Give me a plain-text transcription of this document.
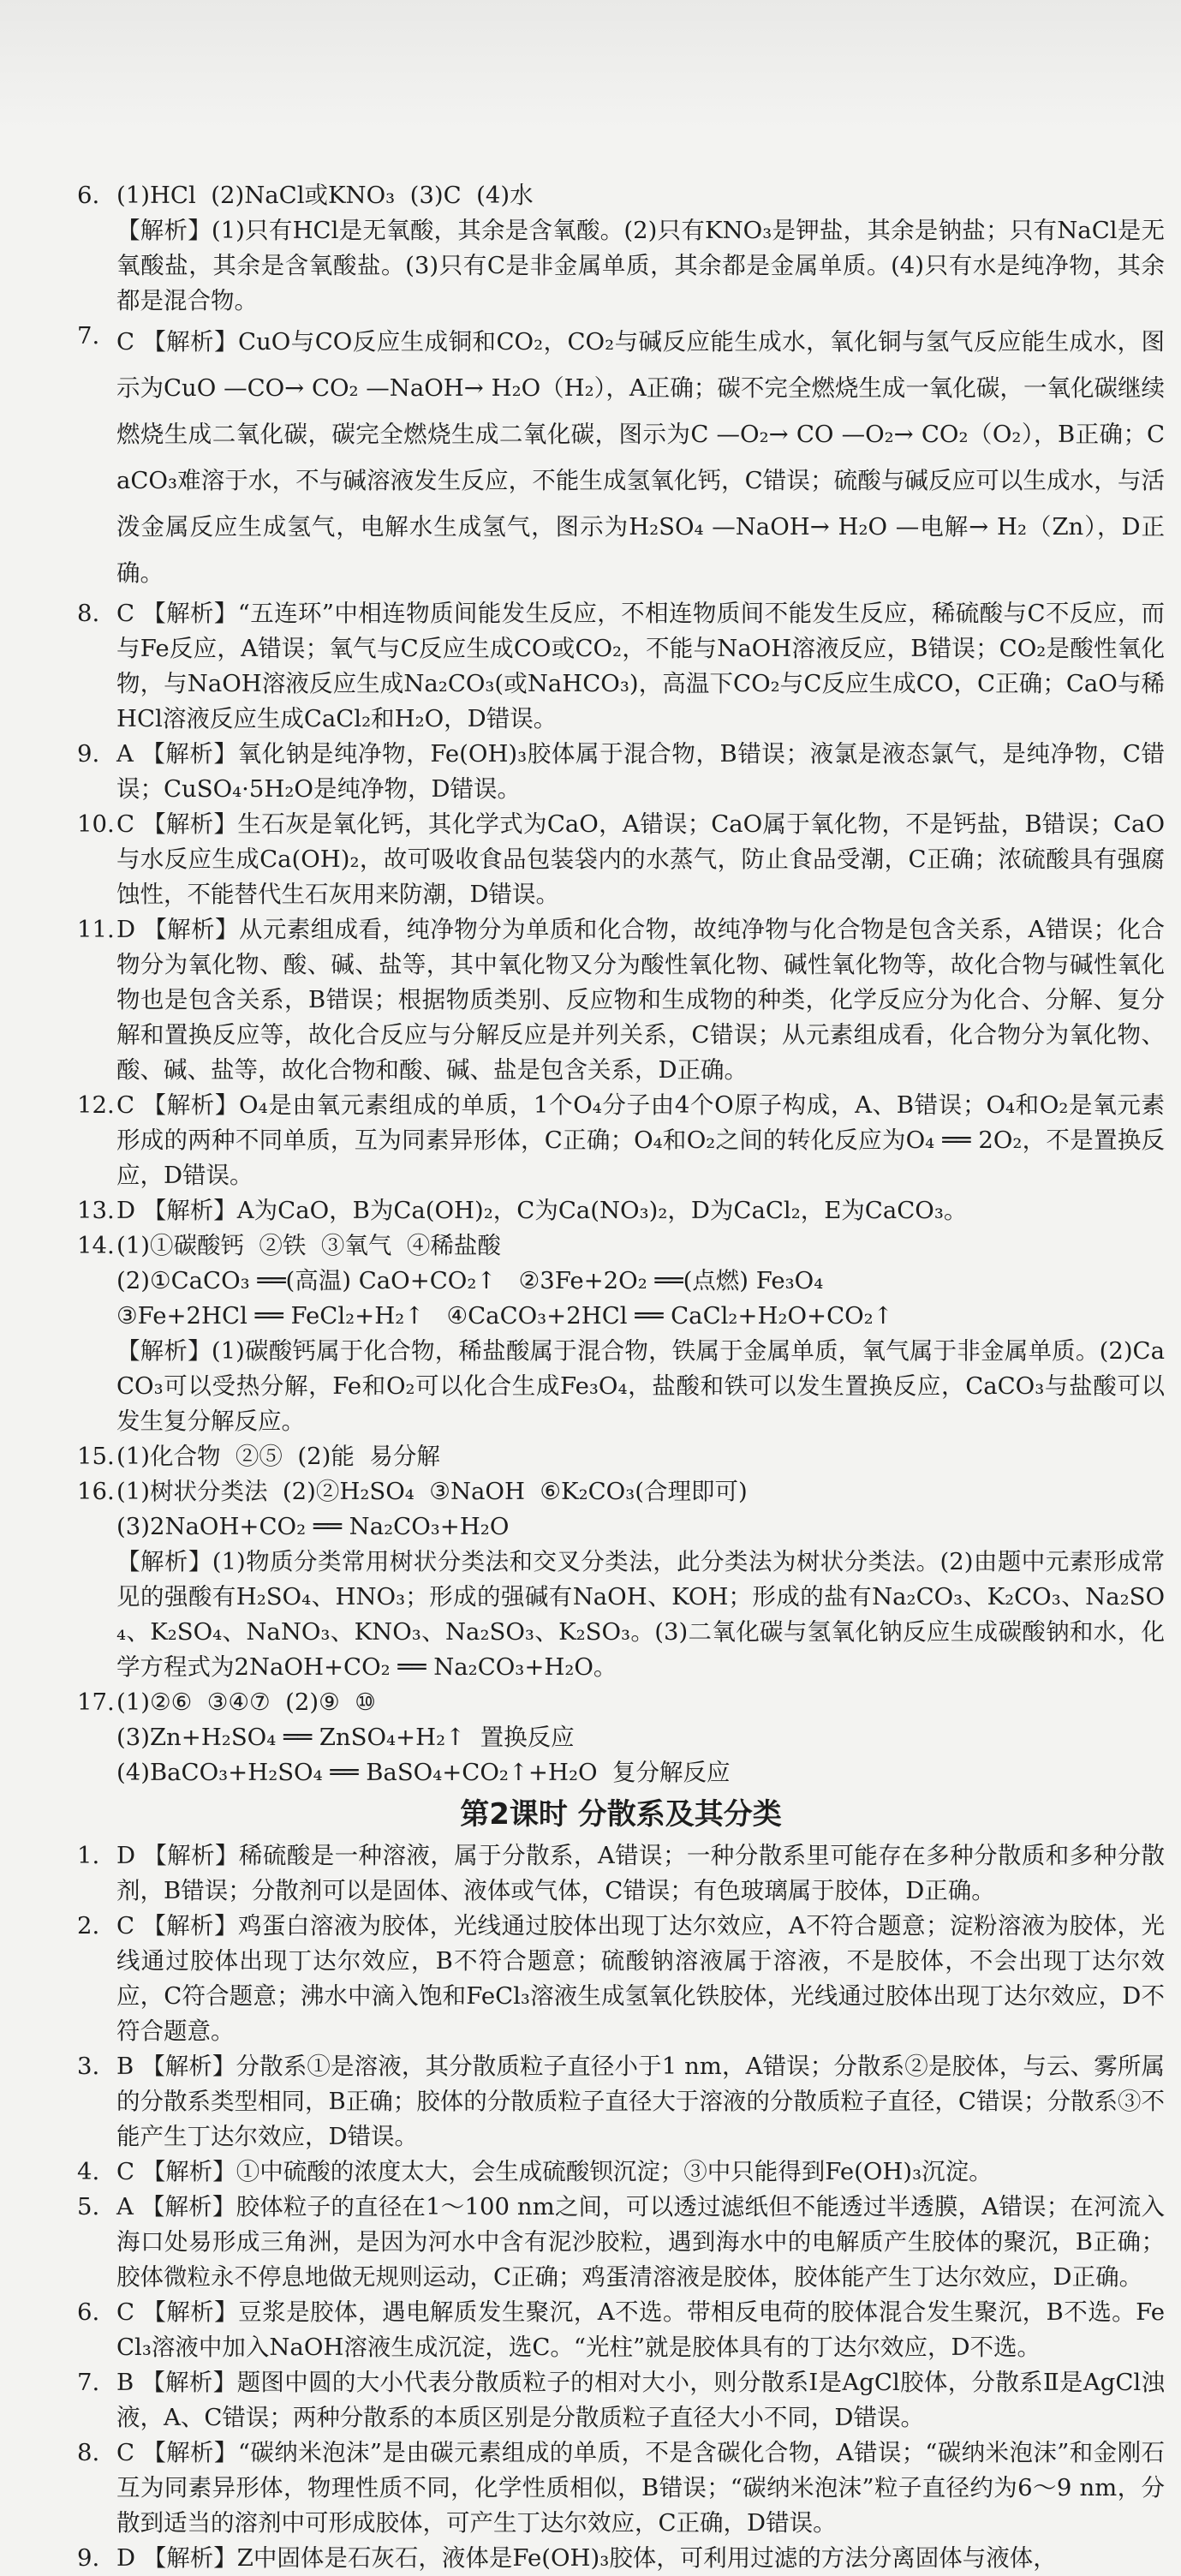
6. (1)HCl  (2)NaCl或KNO₃  (3)C  (4)水
【解析】(1)只有HCl是无氧酸，其余是含氧酸。(2)只有KNO₃是钾盐，其余是钠盐；只有NaCl是无氧酸盐，其余是含氧酸盐。(3)只有C是非金属单质，其余都是金属单质。(4)只有水是纯净物，其余都是混合物。
7. C 【解析】CuO与CO反应生成铜和CO₂，CO₂与碱反应能生成水，氧化铜与氢气反应能生成水，图示为CuO —CO→ CO₂ —NaOH→ H₂O（H₂），A正确；碳不完全燃烧生成一氧化碳，一氧化碳继续燃烧生成二氧化碳，碳完全燃烧生成二氧化碳，图示为C —O₂→ CO —O₂→ CO₂（O₂），B正确；CaCO₃难溶于水，不与碱溶液发生反应，不能生成氢氧化钙，C错误；硫酸与碱反应可以生成水，与活泼金属反应生成氢气，电解水生成氢气，图示为H₂SO₄ —NaOH→ H₂O —电解→ H₂（Zn），D正确。
8. C 【解析】“五连环”中相连物质间能发生反应，不相连物质间不能发生反应，稀硫酸与C不反应，而与Fe反应，A错误；氧气与C反应生成CO或CO₂，不能与NaOH溶液反应，B错误；CO₂是酸性氧化物，与NaOH溶液反应生成Na₂CO₃(或NaHCO₃)，高温下CO₂与C反应生成CO，C正确；CaO与稀HCl溶液反应生成CaCl₂和H₂O，D错误。
9. A 【解析】氧化钠是纯净物，Fe(OH)₃胶体属于混合物，B错误；液氯是液态氯气，是纯净物，C错误；CuSO₄·5H₂O是纯净物，D错误。
10. C 【解析】生石灰是氧化钙，其化学式为CaO，A错误；CaO属于氧化物，不是钙盐，B错误；CaO与水反应生成Ca(OH)₂，故可吸收食品包装袋内的水蒸气，防止食品受潮，C正确；浓硫酸具有强腐蚀性，不能替代生石灰用来防潮，D错误。
11. D 【解析】从元素组成看，纯净物分为单质和化合物，故纯净物与化合物是包含关系，A错误；化合物分为氧化物、酸、碱、盐等，其中氧化物又分为酸性氧化物、碱性氧化物等，故化合物与碱性氧化物也是包含关系，B错误；根据物质类别、反应物和生成物的种类，化学反应分为化合、分解、复分解和置换反应等，故化合反应与分解反应是并列关系，C错误；从元素组成看，化合物分为氧化物、酸、碱、盐等，故化合物和酸、碱、盐是包含关系，D正确。
12. C 【解析】O₄是由氧元素组成的单质，1个O₄分子由4个O原子构成，A、B错误；O₄和O₂是氧元素形成的两种不同单质，互为同素异形体，C正确；O₄和O₂之间的转化反应为O₄ ══ 2O₂，不是置换反应，D错误。
13. D 【解析】A为CaO，B为Ca(OH)₂，C为Ca(NO₃)₂，D为CaCl₂，E为CaCO₃。
14. (1)①碳酸钙  ②铁  ③氧气  ④稀盐酸
(2)①CaCO₃ ══(高温) CaO+CO₂↑   ②3Fe+2O₂ ══(点燃) Fe₃O₄
③Fe+2HCl ══ FeCl₂+H₂↑   ④CaCO₃+2HCl ══ CaCl₂+H₂O+CO₂↑
【解析】(1)碳酸钙属于化合物，稀盐酸属于混合物，铁属于金属单质，氧气属于非金属单质。(2)CaCO₃可以受热分解，Fe和O₂可以化合生成Fe₃O₄，盐酸和铁可以发生置换反应，CaCO₃与盐酸可以发生复分解反应。
15. (1)化合物  ②⑤  (2)能  易分解
16. (1)树状分类法  (2)②H₂SO₄  ③NaOH  ⑥K₂CO₃(合理即可)
(3)2NaOH+CO₂ ══ Na₂CO₃+H₂O
【解析】(1)物质分类常用树状分类法和交叉分类法，此分类法为树状分类法。(2)由题中元素形成常见的强酸有H₂SO₄、HNO₃；形成的强碱有NaOH、KOH；形成的盐有Na₂CO₃、K₂CO₃、Na₂SO₄、K₂SO₄、NaNO₃、KNO₃、Na₂SO₃、K₂SO₃。(3)二氧化碳与氢氧化钠反应生成碳酸钠和水，化学方程式为2NaOH+CO₂ ══ Na₂CO₃+H₂O。
17. (1)②⑥  ③④⑦  (2)⑨  ⑩
(3)Zn+H₂SO₄ ══ ZnSO₄+H₂↑  置换反应
(4)BaCO₃+H₂SO₄ ══ BaSO₄+CO₂↑+H₂O  复分解反应
第2课时 分散系及其分类
1. D 【解析】稀硫酸是一种溶液，属于分散系，A错误；一种分散系里可能存在多种分散质和多种分散剂，B错误；分散剂可以是固体、液体或气体，C错误；有色玻璃属于胶体，D正确。
2. C 【解析】鸡蛋白溶液为胶体，光线通过胶体出现丁达尔效应，A不符合题意；淀粉溶液为胶体，光线通过胶体出现丁达尔效应，B不符合题意；硫酸钠溶液属于溶液，不是胶体，不会出现丁达尔效应，C符合题意；沸水中滴入饱和FeCl₃溶液生成氢氧化铁胶体，光线通过胶体出现丁达尔效应，D不符合题意。
3. B 【解析】分散系①是溶液，其分散质粒子直径小于1 nm，A错误；分散系②是胶体，与云、雾所属的分散系类型相同，B正确；胶体的分散质粒子直径大于溶液的分散质粒子直径，C错误；分散系③不能产生丁达尔效应，D错误。
4. C 【解析】①中硫酸的浓度太大，会生成硫酸钡沉淀；③中只能得到Fe(OH)₃沉淀。
5. A 【解析】胶体粒子的直径在1～100 nm之间，可以透过滤纸但不能透过半透膜，A错误；在河流入海口处易形成三角洲，是因为河水中含有泥沙胶粒，遇到海水中的电解质产生胶体的聚沉，B正确；胶体微粒永不停息地做无规则运动，C正确；鸡蛋清溶液是胶体，胶体能产生丁达尔效应，D正确。
6. C 【解析】豆浆是胶体，遇电解质发生聚沉，A不选。带相反电荷的胶体混合发生聚沉，B不选。FeCl₃溶液中加入NaOH溶液生成沉淀，选C。“光柱”就是胶体具有的丁达尔效应，D不选。
7. B 【解析】题图中圆的大小代表分散质粒子的相对大小，则分散系Ⅰ是AgCl胶体，分散系Ⅱ是AgCl浊液，A、C错误；两种分散系的本质区别是分散质粒子直径大小不同，D错误。
8. C 【解析】“碳纳米泡沫”是由碳元素组成的单质，不是含碳化合物，A错误；“碳纳米泡沫”和金刚石互为同素异形体，物理性质不同，化学性质相似，B错误；“碳纳米泡沫”粒子直径约为6～9 nm，分散到适当的溶剂中可形成胶体，可产生丁达尔效应，C正确，D错误。
9. D 【解析】Z中固体是石灰石，液体是Fe(OH)₃胶体，可利用过滤的方法分离固体与液体，
